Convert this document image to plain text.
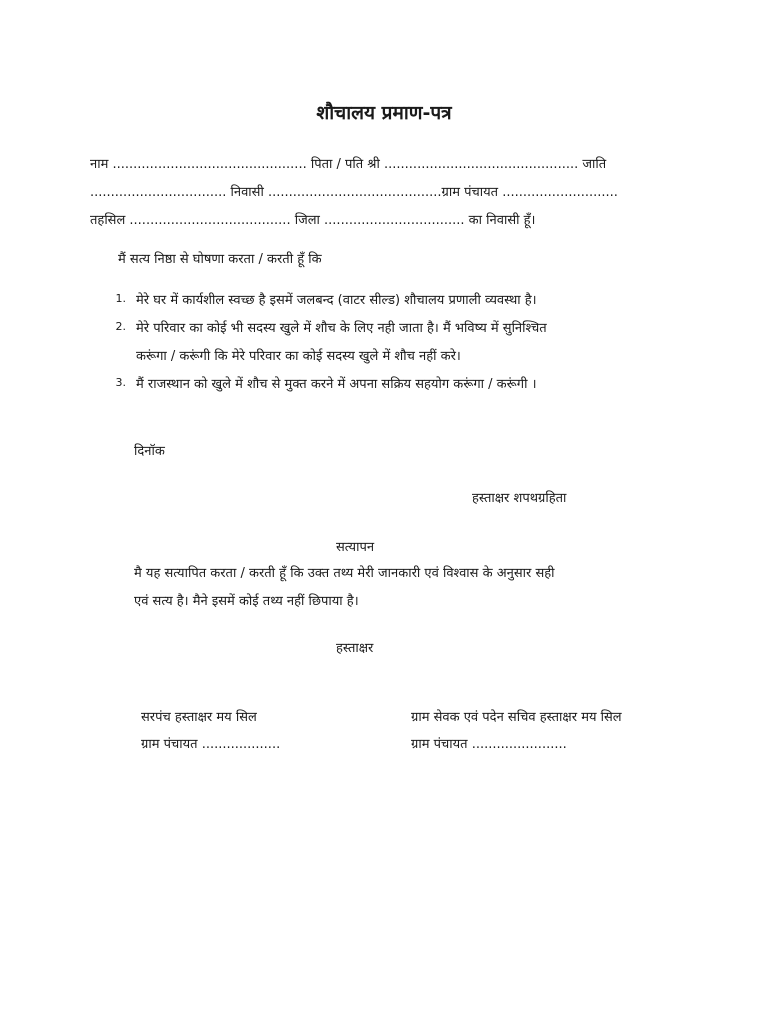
शौचालय प्रमाण-पत्र
नाम ............................................... पिता / पति श्री ............................................... जाति
................................. निवासी ..........................................ग्राम पंचायत ............................
तहसिल ....................................... जिला .................................. का निवासी हूँ।
मैं सत्य निष्ठा से घोषणा करता / करती हूँ कि
1. मेरे घर में कार्यशील स्वच्छ है इसमें जलबन्द (वाटर सील्ड) शौचालय प्रणाली व्यवस्था है।
2. मेरे परिवार का कोई भी सदस्य खुले में शौच के लिए नही जाता है। मैं भविष्य में सुनिश्चित
करूंगा / करूंगी कि मेरे परिवार का कोई सदस्य खुले में शौच नहीं करे।
3. मैं राजस्थान को खुले में शौच से मुक्त करने में अपना सक्रिय सहयोग करूंगा / करूंगी ।
दिनॉक
हस्ताक्षर शपथग्रहिता
सत्यापन
मै यह सत्यापित करता / करती हूँ कि उक्त तथ्य मेरी जानकारी एवं विश्वास के अनुसार सही
एवं सत्य है। मैने इसमें कोई तथ्य नहीं छिपाया है।
हस्ताक्षर
सरपंच हस्ताक्षर मय सिल
ग्राम पंचायत ...................
ग्राम सेवक एवं पदेन सचिव हस्ताक्षर मय सिल
ग्राम पंचायत .......................
